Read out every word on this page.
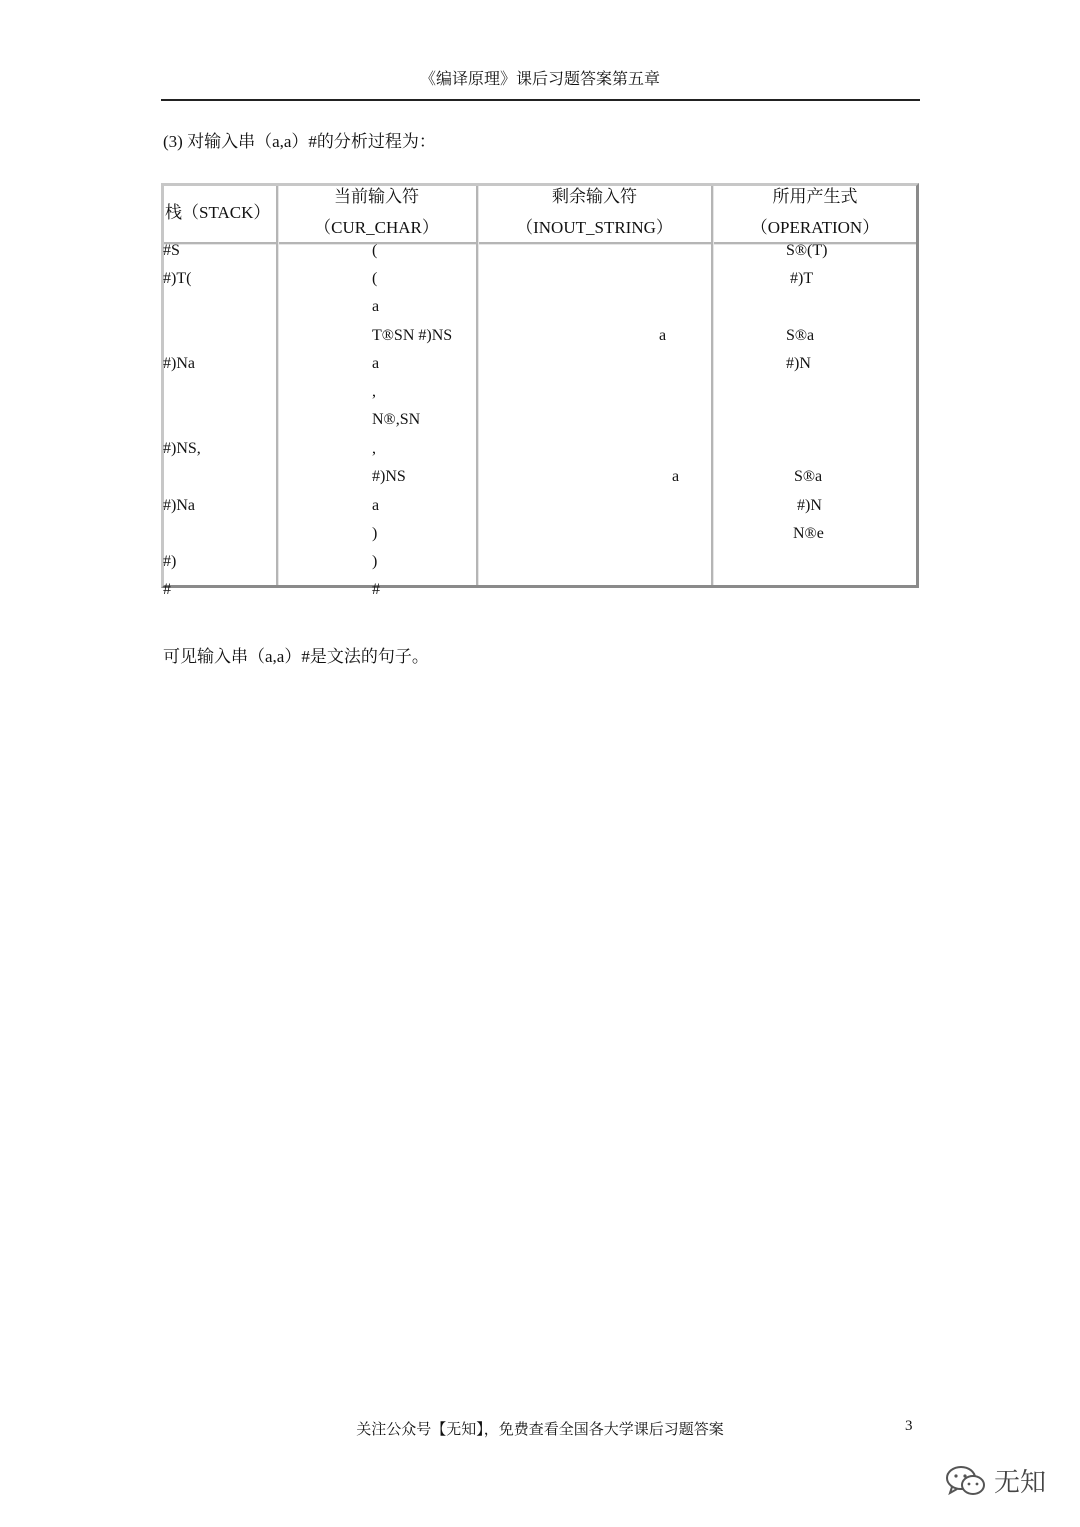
《编译原理》课后习题答案第五章
(3) 对输入串（a,a）#的分析过程为：
栈（STACK）
当前输入符
（CUR_CHAR）
剩余输入符
（INOUT_STRING）
所用产生式
（OPERATION）
#S
#)T(
#)Na
#)NS,
#)Na
#)
#
(
(
a
T®SN #)NS
a
,
N®,SN
,
#)NS
a
)
)
#
a
a
S®(T)
#)T
S®a
#)N
S®a
#)N
N®e
可见输入串（a,a）#是文法的句子。
关注公众号【无知】，免费查看全国各大学课后习题答案	3
无知
